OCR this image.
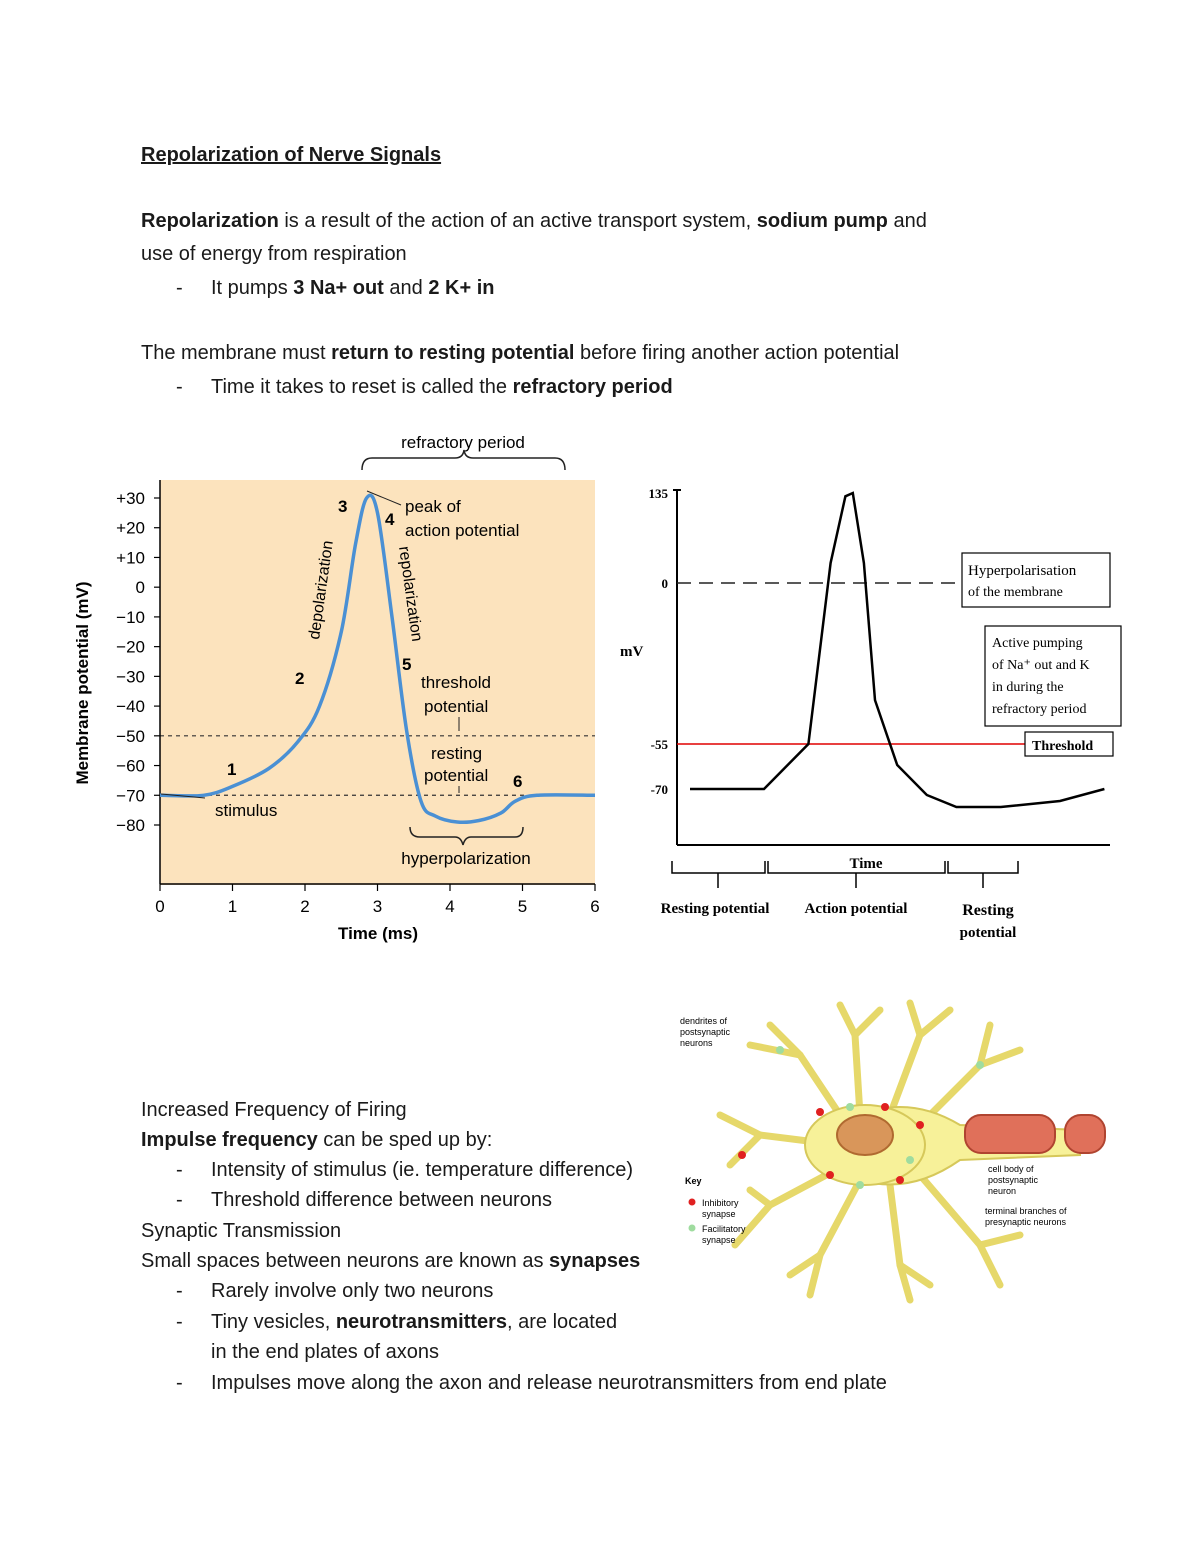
Repolarization of Nerve Signals
Repolarization is a result of the action of an active transport system, sodium pump and
use of energy from respiration
- It pumps 3 Na+ out and 2 K+ in
The membrane must return to resting potential before firing another action potential
- Time it takes to reset is called the refractory period
+30
+20
+10
0
−10
−20
−30
−40
−50
−60
−70
−80
0	1	2	3	4	5	6
Membrane potential (mV)
Time (ms)
refractory period
peak of
action potential
depolarization	repolarization
threshold
potential
resting
potential
stimulus
hyperpolarization
1
2
3
4
5
6
135
0
-55
-70
mV
Hyperpolarisation
of the membrane
Active pumping
of Na⁺ out and K
in during the
refractory period
Threshold
Time
Resting potential Action potential	Resting
potential
dendrites of
postsynaptic
neurons
cell body of
postsynaptic
neuron
terminal branches of
presynaptic neurons
Key
Inhibitory
synapse
Facilitatory
synapse
Increased Frequency of Firing
Impulse frequency can be sped up by:
- Intensity of stimulus (ie. temperature difference)
- Threshold difference between neurons
Synaptic Transmission
Small spaces between neurons are known as synapses
- Rarely involve only two neurons
- Tiny vesicles, neurotransmitters, are located
in the end plates of axons
- Impulses move along the axon and release neurotransmitters from end plate
